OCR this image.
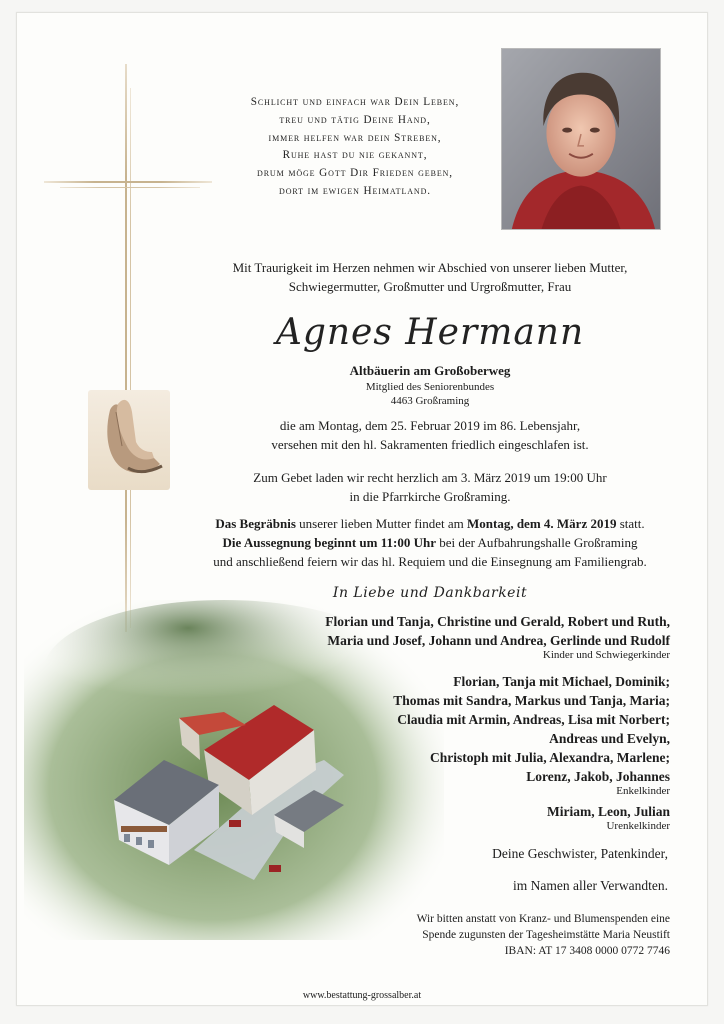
Schlicht und einfach war Dein Leben,
treu und tätig Deine Hand,
immer helfen war dein Streben,
Ruhe hast du nie gekannt,
drum möge Gott Dir Frieden geben,
dort im ewigen Heimatland.
Mit Traurigkeit im Herzen nehmen wir Abschied von unserer lieben Mutter,
Schwiegermutter, Großmutter und Urgroßmutter, Frau
Agnes Hermann
Altbäuerin am Großoberweg
Mitglied des Seniorenbundes
4463 Großraming
die am Montag, dem 25. Februar 2019 im 86. Lebensjahr,
versehen mit den hl. Sakramenten friedlich eingeschlafen ist.
Zum Gebet laden wir recht herzlich am 3. März 2019 um 19:00 Uhr
in die Pfarrkirche Großraming.
Das Begräbnis unserer lieben Mutter findet am Montag, dem 4. März 2019 statt.
Die Aussegnung beginnt um 11:00 Uhr bei der Aufbahrungshalle Großraming
und anschließend feiern wir das hl. Requiem und die Einsegnung am Familiengrab.
In Liebe und Dankbarkeit
Florian und Tanja, Christine und Gerald, Robert und Ruth,
Maria und Josef, Johann und Andrea, Gerlinde und Rudolf
Kinder und Schwiegerkinder
Florian, Tanja mit Michael, Dominik;
Thomas mit Sandra, Markus und Tanja, Maria;
Claudia mit Armin, Andreas, Lisa mit Norbert;
Andreas und Evelyn,
Christoph mit Julia, Alexandra, Marlene;
Lorenz, Jakob, Johannes
Enkelkinder
Miriam, Leon, Julian
Urenkelkinder
Deine Geschwister, Patenkinder,
im Namen aller Verwandten.
Wir bitten anstatt von Kranz- und Blumenspenden eine
Spende zugunsten der Tagesheimstätte Maria Neustift
IBAN: AT 17 3408 0000 0772 7746
www.bestattung-grossalber.at
